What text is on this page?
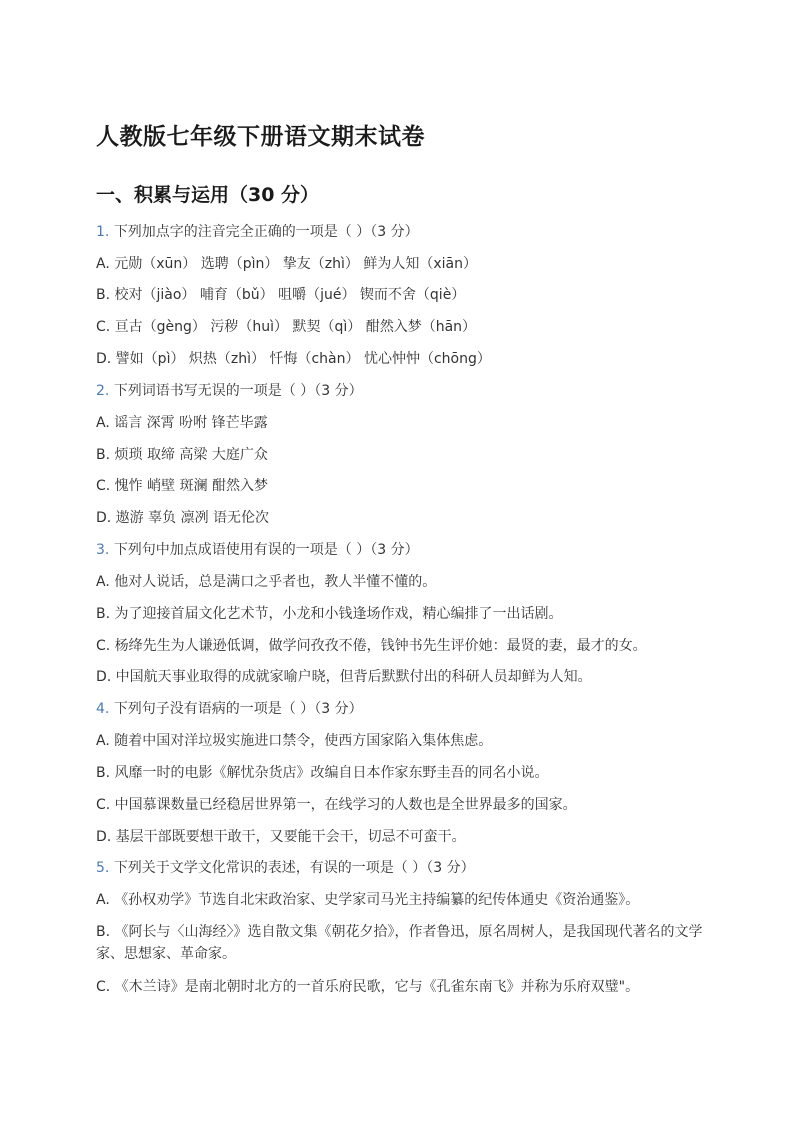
人教版七年级下册语文期末试卷
一、积累与运用（30 分）
1. 下列加点字的注音完全正确的一项是（ ）（3 分）
A. 元勋（xūn） 选聘（pìn） 挚友（zhì） 鲜为人知（xiān）
B. 校对（jiào） 哺育（bǔ） 咀嚼（jué） 锲而不舍（qiè）
C. 亘古（gèng） 污秽（huì） 默契（qì） 酣然入梦（hān）
D. 譬如（pì） 炽热（zhì） 忏悔（chàn） 忧心忡忡（chōng）
2. 下列词语书写无误的一项是（ ）（3 分）
A. 谣言 深霄 吩咐 锋芒毕露
B. 烦琐 取缔 高梁 大庭广众
C. 愧怍 峭壁 斑澜 酣然入梦
D. 遨游 辜负 凛冽 语无伦次
3. 下列句中加点成语使用有误的一项是（ ）（3 分）
A. 他对人说话，总是满口之乎者也，教人半懂不懂的。
B. 为了迎接首届文化艺术节，小龙和小钱逢场作戏，精心编排了一出话剧。
C. 杨绛先生为人谦逊低调，做学问孜孜不倦，钱钟书先生评价她：最贤的妻，最才的女。
D. 中国航天事业取得的成就家喻户晓，但背后默默付出的科研人员却鲜为人知。
4. 下列句子没有语病的一项是（ ）（3 分）
A. 随着中国对洋垃圾实施进口禁令，使西方国家陷入集体焦虑。
B. 风靡一时的电影《解忧杂货店》改编自日本作家东野圭吾的同名小说。
C. 中国慕课数量已经稳居世界第一，在线学习的人数也是全世界最多的国家。
D. 基层干部既要想干敢干，又要能干会干，切忌不可蛮干。
5. 下列关于文学文化常识的表述，有误的一项是（ ）（3 分）
A. 《孙权劝学》节选自北宋政治家、史学家司马光主持编纂的纪传体通史《资治通鉴》。
B. 《阿长与〈山海经〉》选自散文集《朝花夕拾》，作者鲁迅，原名周树人，是我国现代著名的文学家、思想家、革命家。
C. 《木兰诗》是南北朝时北方的一首乐府民歌，它与《孔雀东南飞》并称为乐府双璧"。
